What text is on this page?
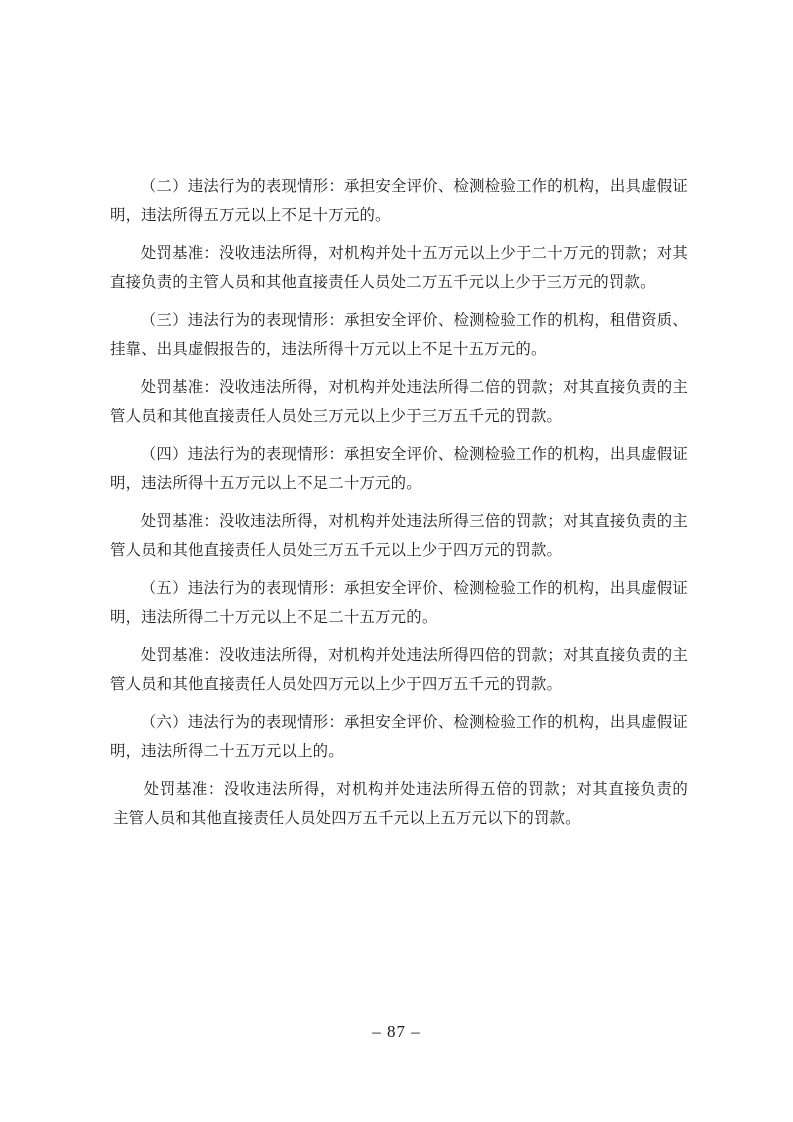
（二）违法行为的表现情形：承担安全评价、检测检验工作的机构，出具虚假证明，违法所得五万元以上不足十万元的。

处罚基准：没收违法所得，对机构并处十五万元以上少于二十万元的罚款；对其直接负责的主管人员和其他直接责任人员处二万五千元以上少于三万元的罚款。

（三）违法行为的表现情形：承担安全评价、检测检验工作的机构，租借资质、挂靠、出具虚假报告的，违法所得十万元以上不足十五万元的。

处罚基准：没收违法所得，对机构并处违法所得二倍的罚款；对其直接负责的主管人员和其他直接责任人员处三万元以上少于三万五千元的罚款。

（四）违法行为的表现情形：承担安全评价、检测检验工作的机构，出具虚假证明，违法所得十五万元以上不足二十万元的。

处罚基准：没收违法所得，对机构并处违法所得三倍的罚款；对其直接负责的主管人员和其他直接责任人员处三万五千元以上少于四万元的罚款。

（五）违法行为的表现情形：承担安全评价、检测检验工作的机构，出具虚假证明，违法所得二十万元以上不足二十五万元的。

处罚基准：没收违法所得，对机构并处违法所得四倍的罚款；对其直接负责的主管人员和其他直接责任人员处四万元以上少于四万五千元的罚款。

（六）违法行为的表现情形：承担安全评价、检测检验工作的机构，出具虚假证明，违法所得二十五万元以上的。

处罚基准：没收违法所得，对机构并处违法所得五倍的罚款；对其直接负责的主管人员和其他直接责任人员处四万五千元以上五万元以下的罚款。

– 87 –
